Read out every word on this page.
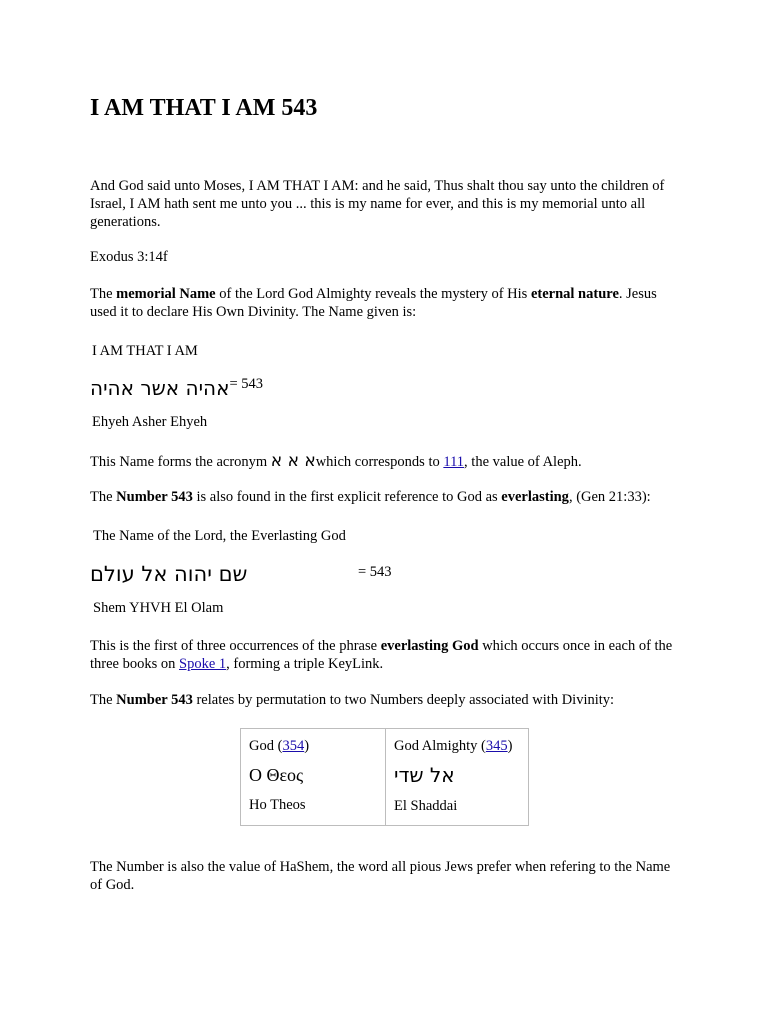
I AM THAT I AM 543

And God said unto Moses, I AM THAT I AM: and he said, Thus shalt thou say unto the children of Israel, I AM hath sent me unto you ... this is my name for ever, and this is my memorial unto all generations.

Exodus 3:14f

The memorial Name of the Lord God Almighty reveals the mystery of His eternal nature. Jesus used it to declare His Own Divinity. The Name given is:

I AM THAT I AM

אהיה אשר אהיה= 543

Ehyeh Asher Ehyeh

This Name forms the acronym א א אwhich corresponds to 111, the value of Aleph.

The Number 543 is also found in the first explicit reference to God as everlasting, (Gen 21:33):

The Name of the Lord, the Everlasting God

שם יהוה אל עולם	= 543

Shem YHVH El Olam

This is the first of three occurrences of the phrase everlasting God which occurs once in each of the three books on Spoke 1, forming a triple KeyLink.

The Number 543 relates by permutation to two Numbers deeply associated with Divinity:

God (354)
Ο Θεος
Ho Theos

God Almighty (345)
אל שדי
El Shaddai

The Number is also the value of HaShem, the word all pious Jews prefer when refering to the Name of God.
